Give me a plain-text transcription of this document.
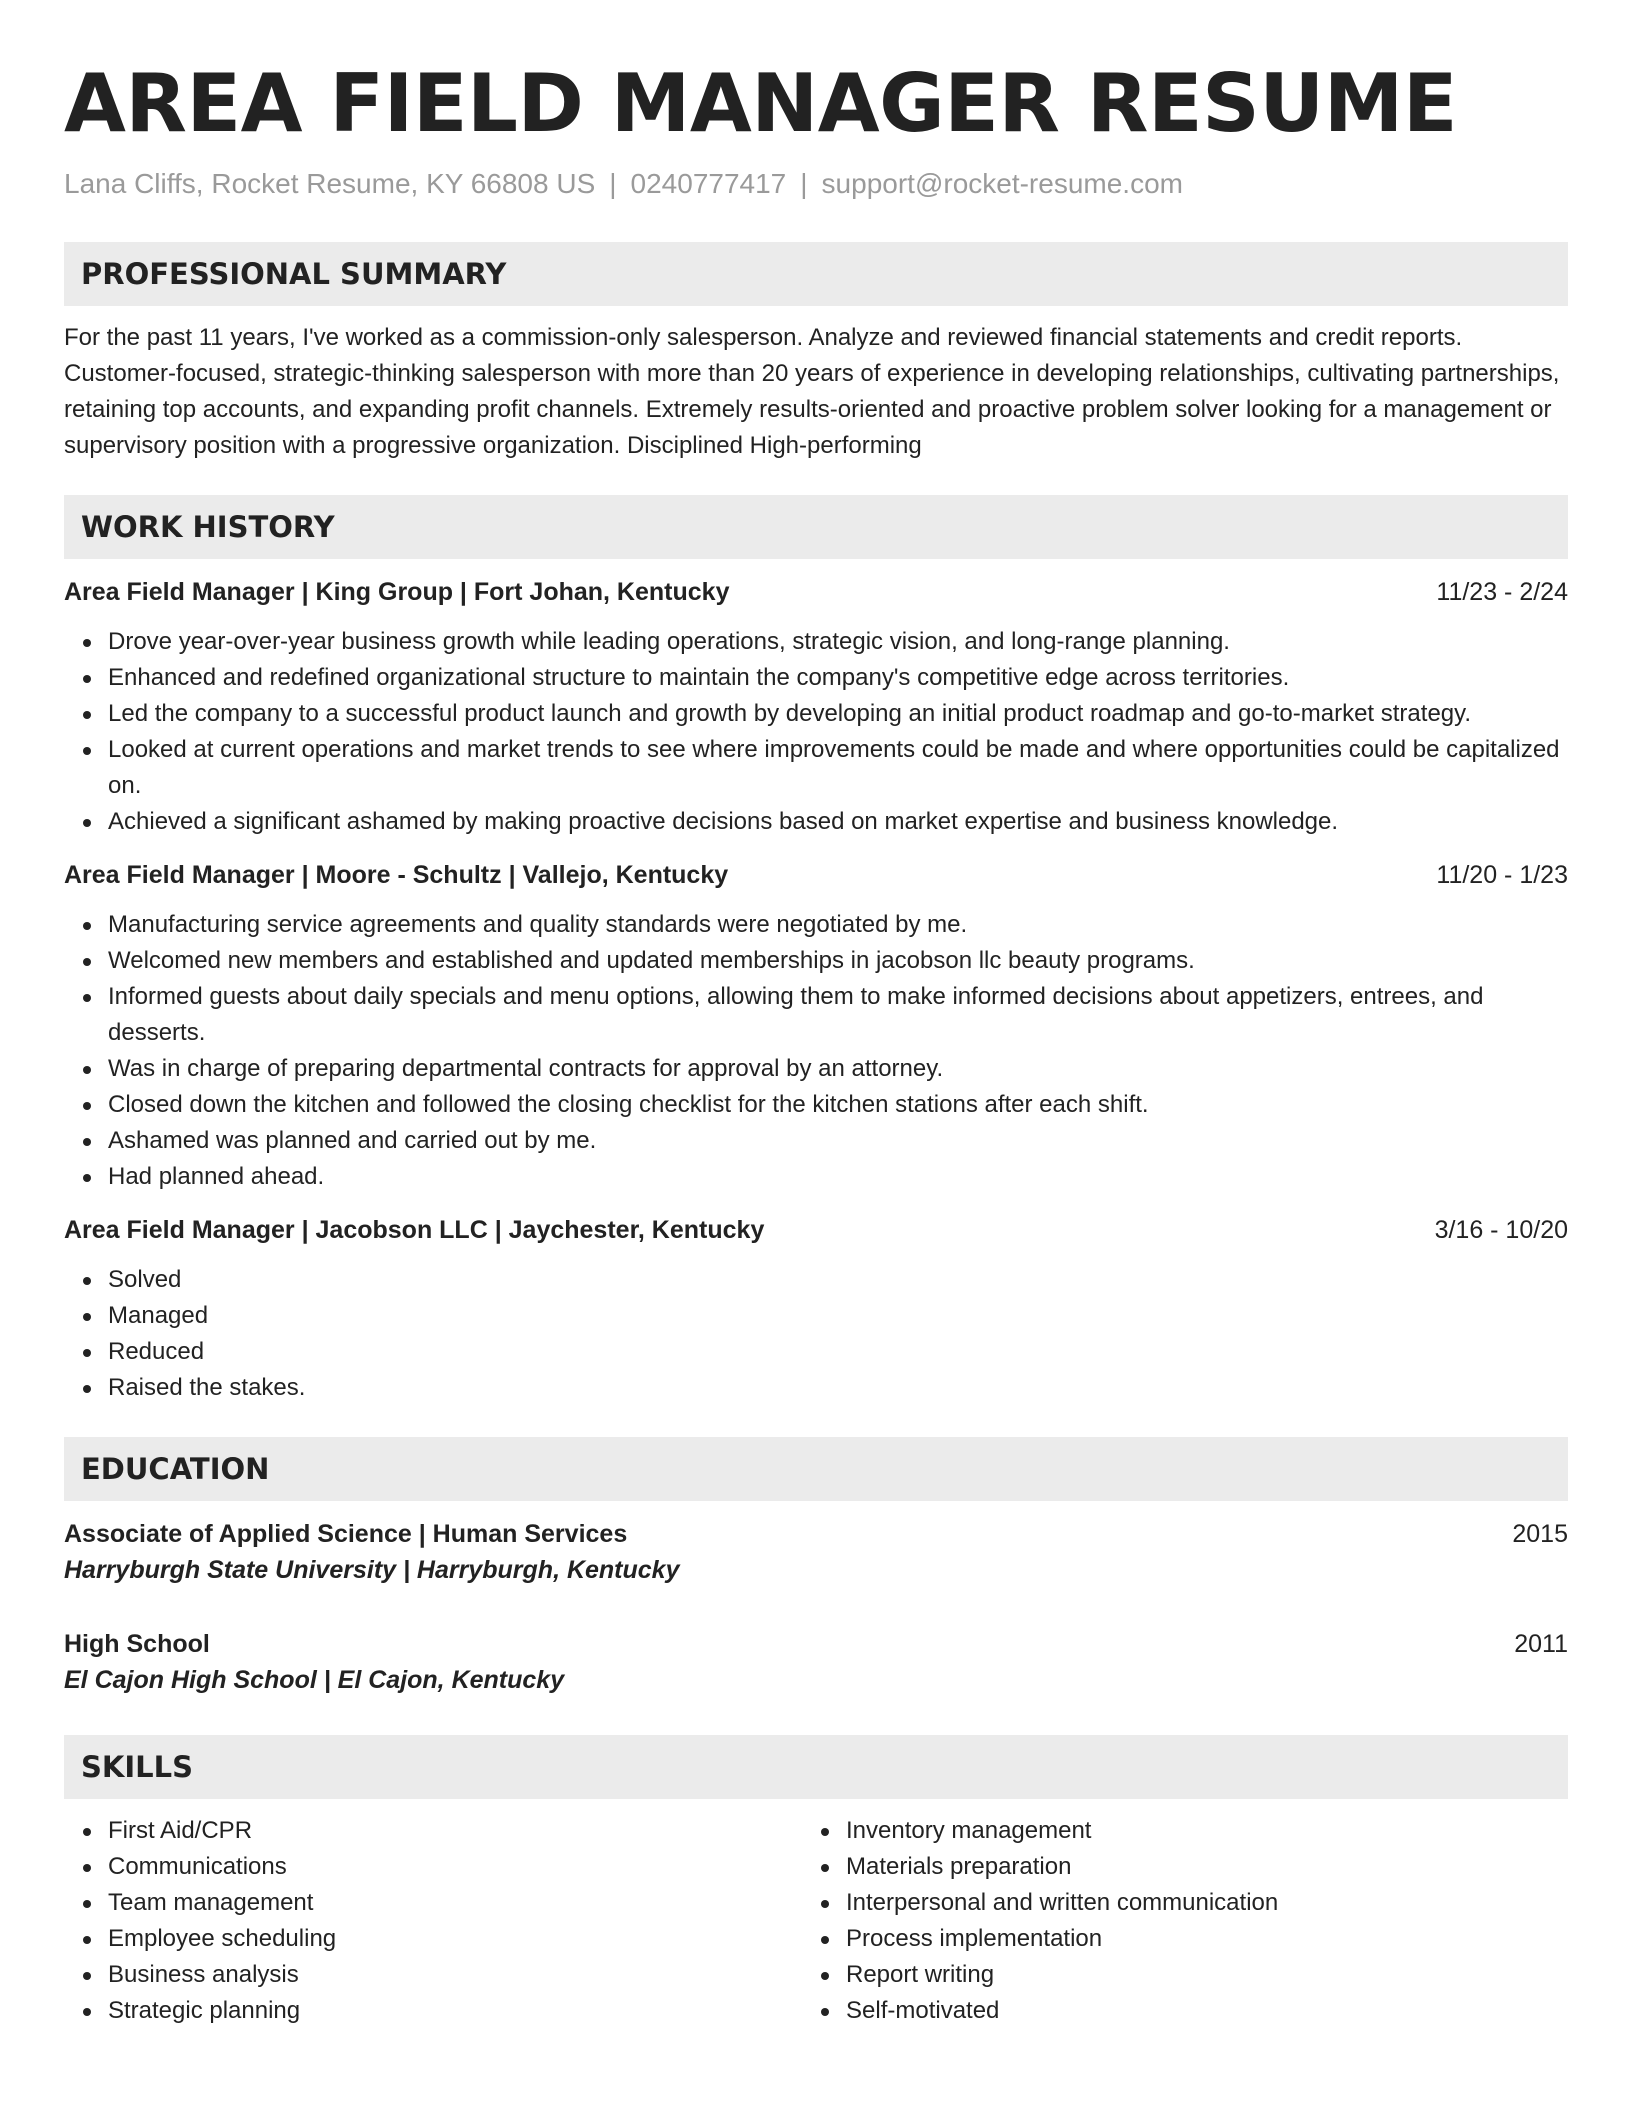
AREA FIELD MANAGER RESUME
Lana Cliffs, Rocket Resume, KY 66808 US | 0240777417 | support@rocket-resume.com
PROFESSIONAL SUMMARY
For the past 11 years, I've worked as a commission-only salesperson. Analyze and reviewed financial statements and credit reports. Customer-focused, strategic-thinking salesperson with more than 20 years of experience in developing relationships, cultivating partnerships, retaining top accounts, and expanding profit channels. Extremely results-oriented and proactive problem solver looking for a management or supervisory position with a progressive organization. Disciplined High-performing
WORK HISTORY
Area Field Manager | King Group | Fort Johan, Kentucky	11/23 - 2/24
Drove year-over-year business growth while leading operations, strategic vision, and long-range planning.
Enhanced and redefined organizational structure to maintain the company's competitive edge across territories.
Led the company to a successful product launch and growth by developing an initial product roadmap and go-to-market strategy.
Looked at current operations and market trends to see where improvements could be made and where opportunities could be capitalized on.
Achieved a significant ashamed by making proactive decisions based on market expertise and business knowledge.
Area Field Manager | Moore - Schultz | Vallejo, Kentucky	11/20 - 1/23
Manufacturing service agreements and quality standards were negotiated by me.
Welcomed new members and established and updated memberships in jacobson llc beauty programs.
Informed guests about daily specials and menu options, allowing them to make informed decisions about appetizers, entrees, and desserts.
Was in charge of preparing departmental contracts for approval by an attorney.
Closed down the kitchen and followed the closing checklist for the kitchen stations after each shift.
Ashamed was planned and carried out by me.
Had planned ahead.
Area Field Manager | Jacobson LLC | Jaychester, Kentucky	3/16 - 10/20
Solved
Managed
Reduced
Raised the stakes.
EDUCATION
Associate of Applied Science | Human Services	2015
Harryburgh State University | Harryburgh, Kentucky
High School	2011
El Cajon High School | El Cajon, Kentucky
SKILLS
First Aid/CPR
Communications
Team management
Employee scheduling
Business analysis
Strategic planning
Inventory management
Materials preparation
Interpersonal and written communication
Process implementation
Report writing
Self-motivated
